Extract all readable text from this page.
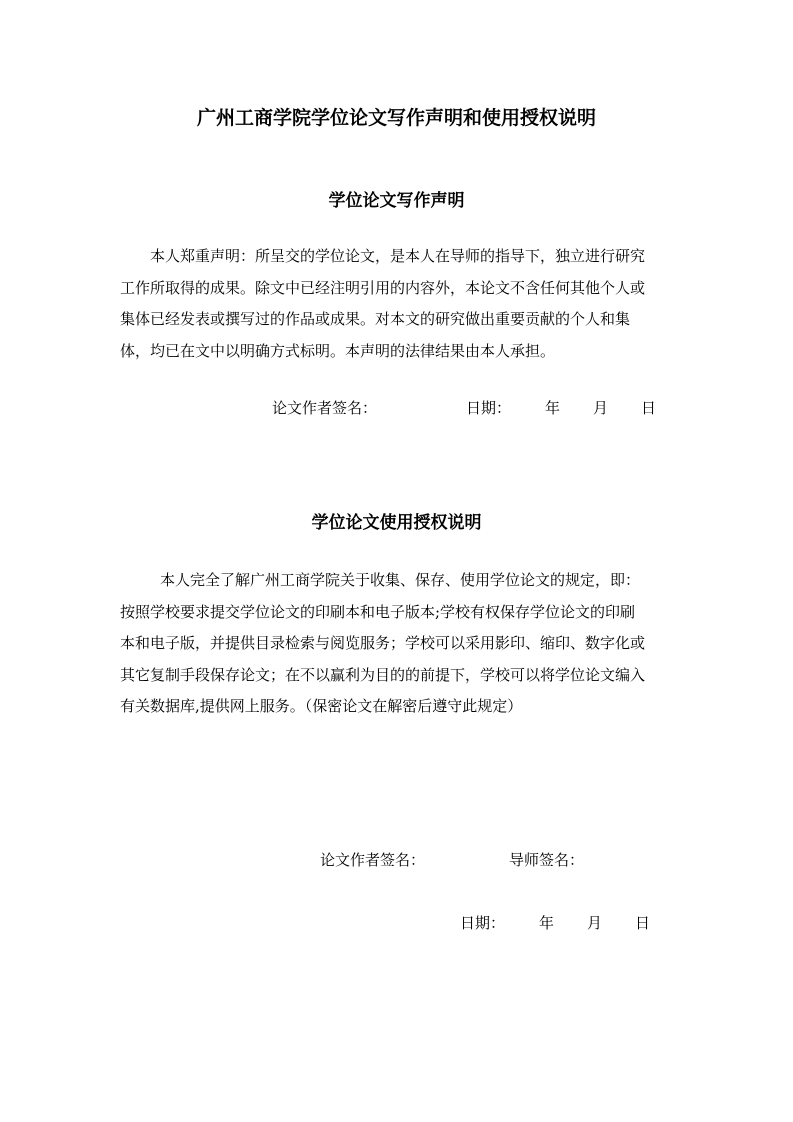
广州工商学院学位论文写作声明和使用授权说明
学位论文写作声明
本人郑重声明：所呈交的学位论文，是本人在导师的指导下，独立进行研究
工作所取得的成果。除文中已经注明引用的内容外，本论文不含任何其他个人或
集体已经发表或撰写过的作品或成果。对本文的研究做出重要贡献的个人和集
体，均已在文中以明确方式标明。本声明的法律结果由本人承担。
论文作者签名：	日期： 年 月 日
学位论文使用授权说明
本人完全了解广州工商学院关于收集、保存、使用学位论文的规定，即：
按照学校要求提交学位论文的印刷本和电子版本;学校有权保存学位论文的印刷
本和电子版，并提供目录检索与阅览服务；学校可以采用影印、缩印、数字化或
其它复制手段保存论文；在不以赢利为目的的前提下，学校可以将学位论文编入
有关数据库,提供网上服务。（保密论文在解密后遵守此规定）
论文作者签名：	导师签名：
日期： 年 月 日
